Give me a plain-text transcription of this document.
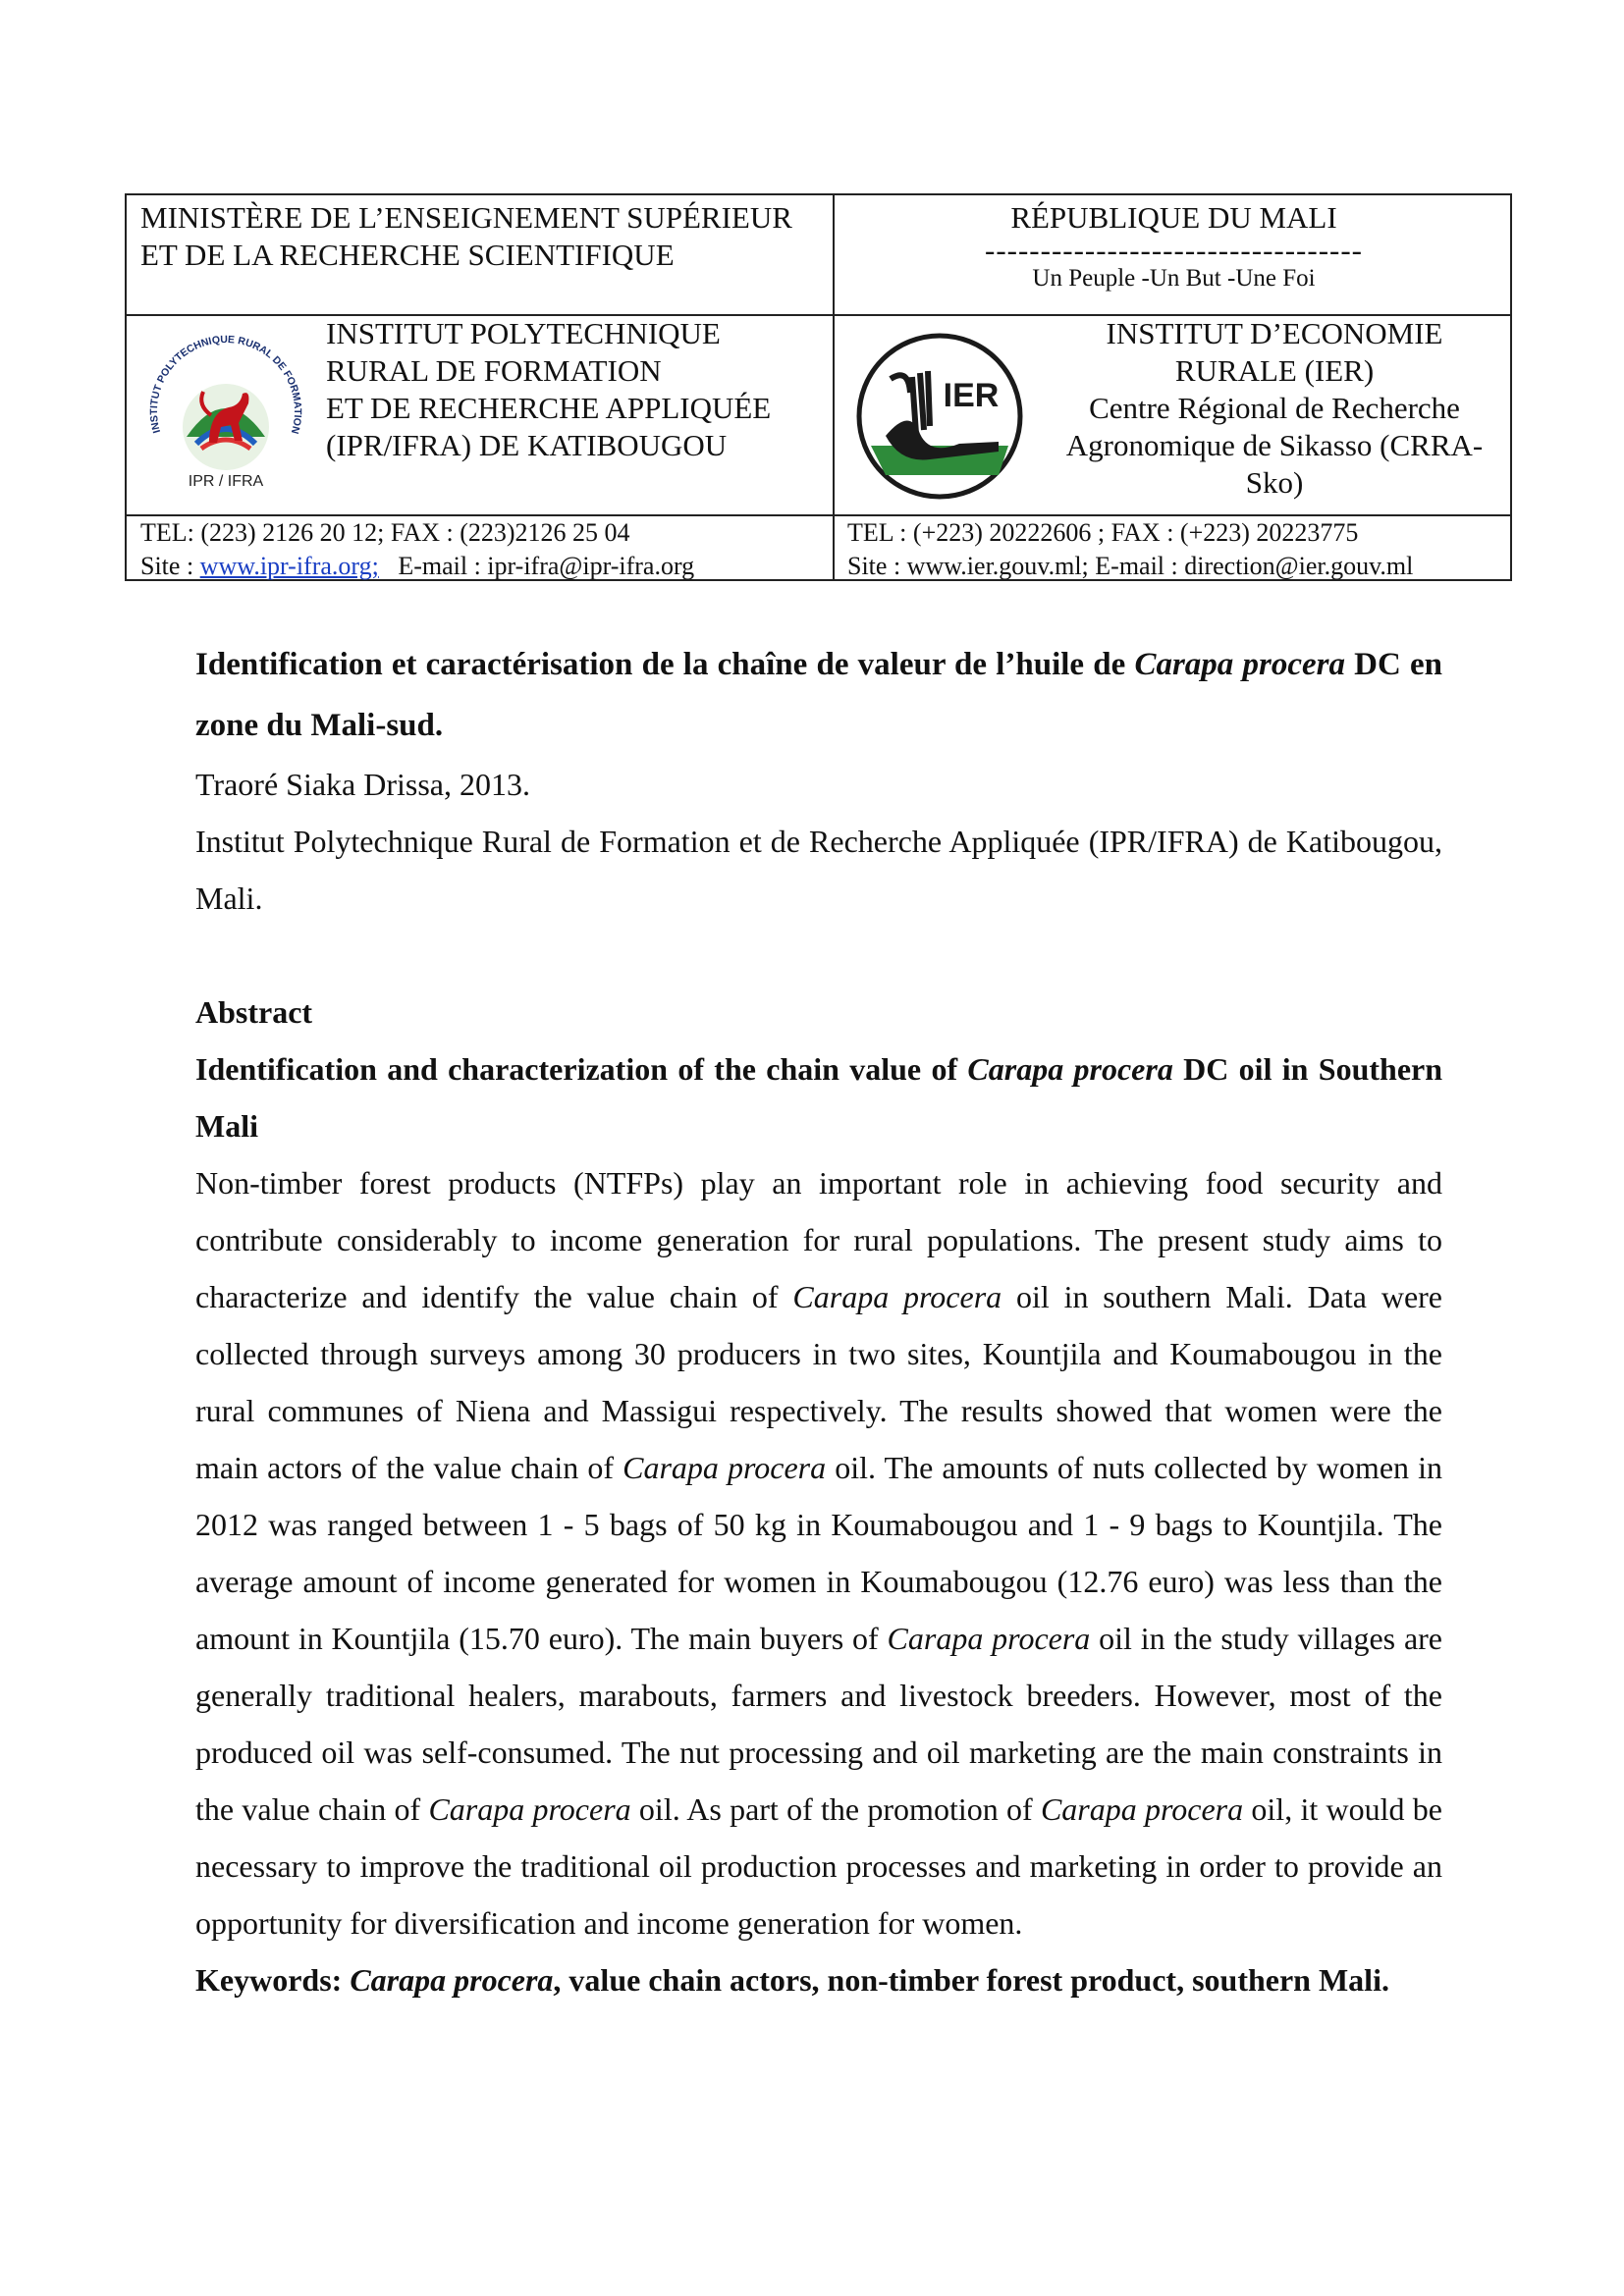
MINISTÈRE DE L’ENSEIGNEMENT SUPÉRIEUR ET DE LA RECHERCHE SCIENTIFIQUE
RÉPUBLIQUE DU MALI
----------------------------------
Un Peuple -Un But -Une Foi
INSTITUT POLYTECHNIQUE RURAL DE FORMATION
IPR / IFRA
INSTITUT POLYTECHNIQUE
RURAL DE FORMATION
ET DE RECHERCHE APPLIQUÉE
(IPR/IFRA) DE KATIBOUGOU
IER
INSTITUT D’ECONOMIE
RURALE (IER)
Centre Régional de Recherche
Agronomique de Sikasso (CRRA-
Sko)
TEL: (223) 2126 20 12; FAX : (223)2126 25 04
Site : www.ipr-ifra.org;   E-mail : ipr-ifra@ipr-ifra.org
TEL : (+223) 20222606 ; FAX : (+223) 20223775
Site : www.ier.gouv.ml; E-mail : direction@ier.gouv.ml

Identification et caractérisation de la chaîne de valeur de l’huile de Carapa procera DC en zone du Mali-sud.

Traoré Siaka Drissa, 2013.

Institut Polytechnique Rural de Formation et de Recherche Appliquée (IPR/IFRA) de Katibougou, Mali.

Abstract

Identification and characterization of the chain value of Carapa procera DC oil in Southern Mali

Non-timber forest products (NTFPs) play an important role in achieving food security and contribute considerably to income generation for rural populations. The present study aims to characterize and identify the value chain of Carapa procera oil in southern Mali. Data were collected through surveys among 30 producers in two sites, Kountjila and Koumabougou in the rural communes of Niena and Massigui respectively. The results showed that women were the main actors of the value chain of Carapa procera oil. The amounts of nuts collected by women in 2012 was ranged between 1 - 5 bags of 50 kg in Koumabougou and 1 - 9 bags to Kountjila. The average amount of income generated for women in Koumabougou (12.76 euro) was less than the amount in Kountjila (15.70 euro). The main buyers of Carapa procera oil in the study villages are generally traditional healers, marabouts, farmers and livestock breeders. However, most of the produced oil was self-consumed. The nut processing and oil marketing are the main constraints in the value chain of Carapa procera oil. As part of the promotion of Carapa procera oil, it would be necessary to improve the traditional oil production processes and marketing in order to provide an opportunity for diversification and income generation for women.

Keywords: Carapa procera, value chain actors, non-timber forest product, southern Mali.
